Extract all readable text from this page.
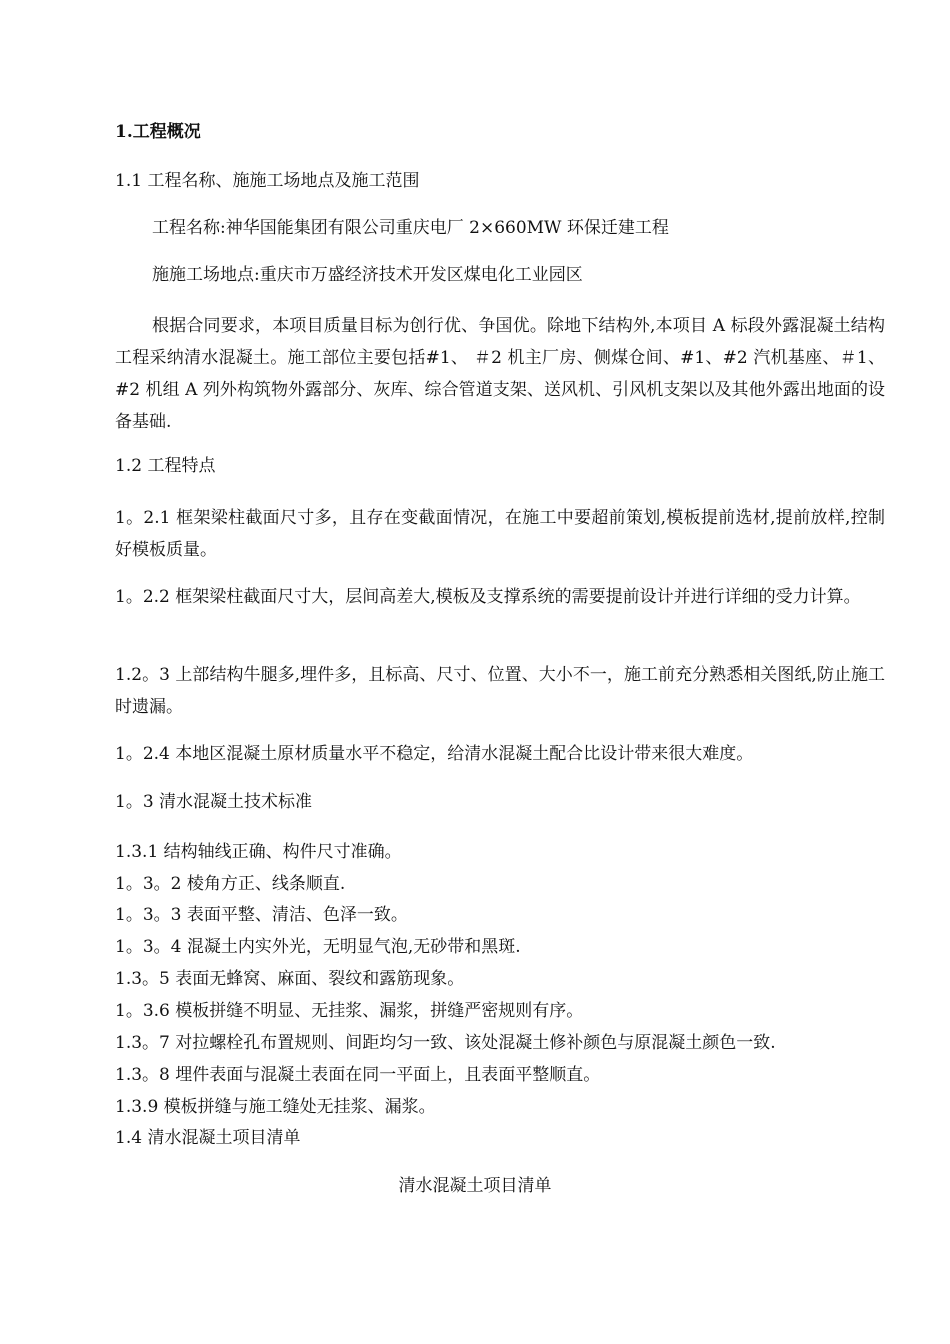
1.工程概况
1.1 工程名称、施施工场地点及施工范围
工程名称:神华国能集团有限公司重庆电厂 2×660MW 环保迁建工程
施施工场地点:重庆市万盛经济技术开发区煤电化工业园区
根据合同要求，本项目质量目标为创行优、争国优。除地下结构外,本项目 A 标段外露混凝土结构工程采纳清水混凝土。施工部位主要包括#1、 ＃2 机主厂房、侧煤仓间、#1、#2 汽机基座、＃1、#2 机组 A 列外构筑物外露部分、灰库、综合管道支架、送风机、引风机支架以及其他外露出地面的设备基础.
1.2 工程特点
1。2.1 框架梁柱截面尺寸多，且存在变截面情况，在施工中要超前策划,模板提前选材,提前放样,控制好模板质量。
1。2.2 框架梁柱截面尺寸大，层间高差大,模板及支撑系统的需要提前设计并进行详细的受力计算。
1.2。3 上部结构牛腿多,埋件多，且标高、尺寸、位置、大小不一，施工前充分熟悉相关图纸,防止施工时遗漏。
1。2.4 本地区混凝土原材质量水平不稳定，给清水混凝土配合比设计带来很大难度。
1。3 清水混凝土技术标准
1.3.1 结构轴线正确、构件尺寸准确。
1。3。2 棱角方正、线条顺直.
1。3。3 表面平整、清洁、色泽一致。
1。3。4 混凝土内实外光，无明显气泡,无砂带和黑斑.
1.3。5 表面无蜂窝、麻面、裂纹和露筋现象。
1。3.6 模板拼缝不明显、无挂浆、漏浆，拼缝严密规则有序。
1.3。7 对拉螺栓孔布置规则、间距均匀一致、该处混凝土修补颜色与原混凝土颜色一致.
1.3。8 埋件表面与混凝土表面在同一平面上，且表面平整顺直。
1.3.9 模板拼缝与施工缝处无挂浆、漏浆。
1.4 清水混凝土项目清单
清水混凝土项目清单
